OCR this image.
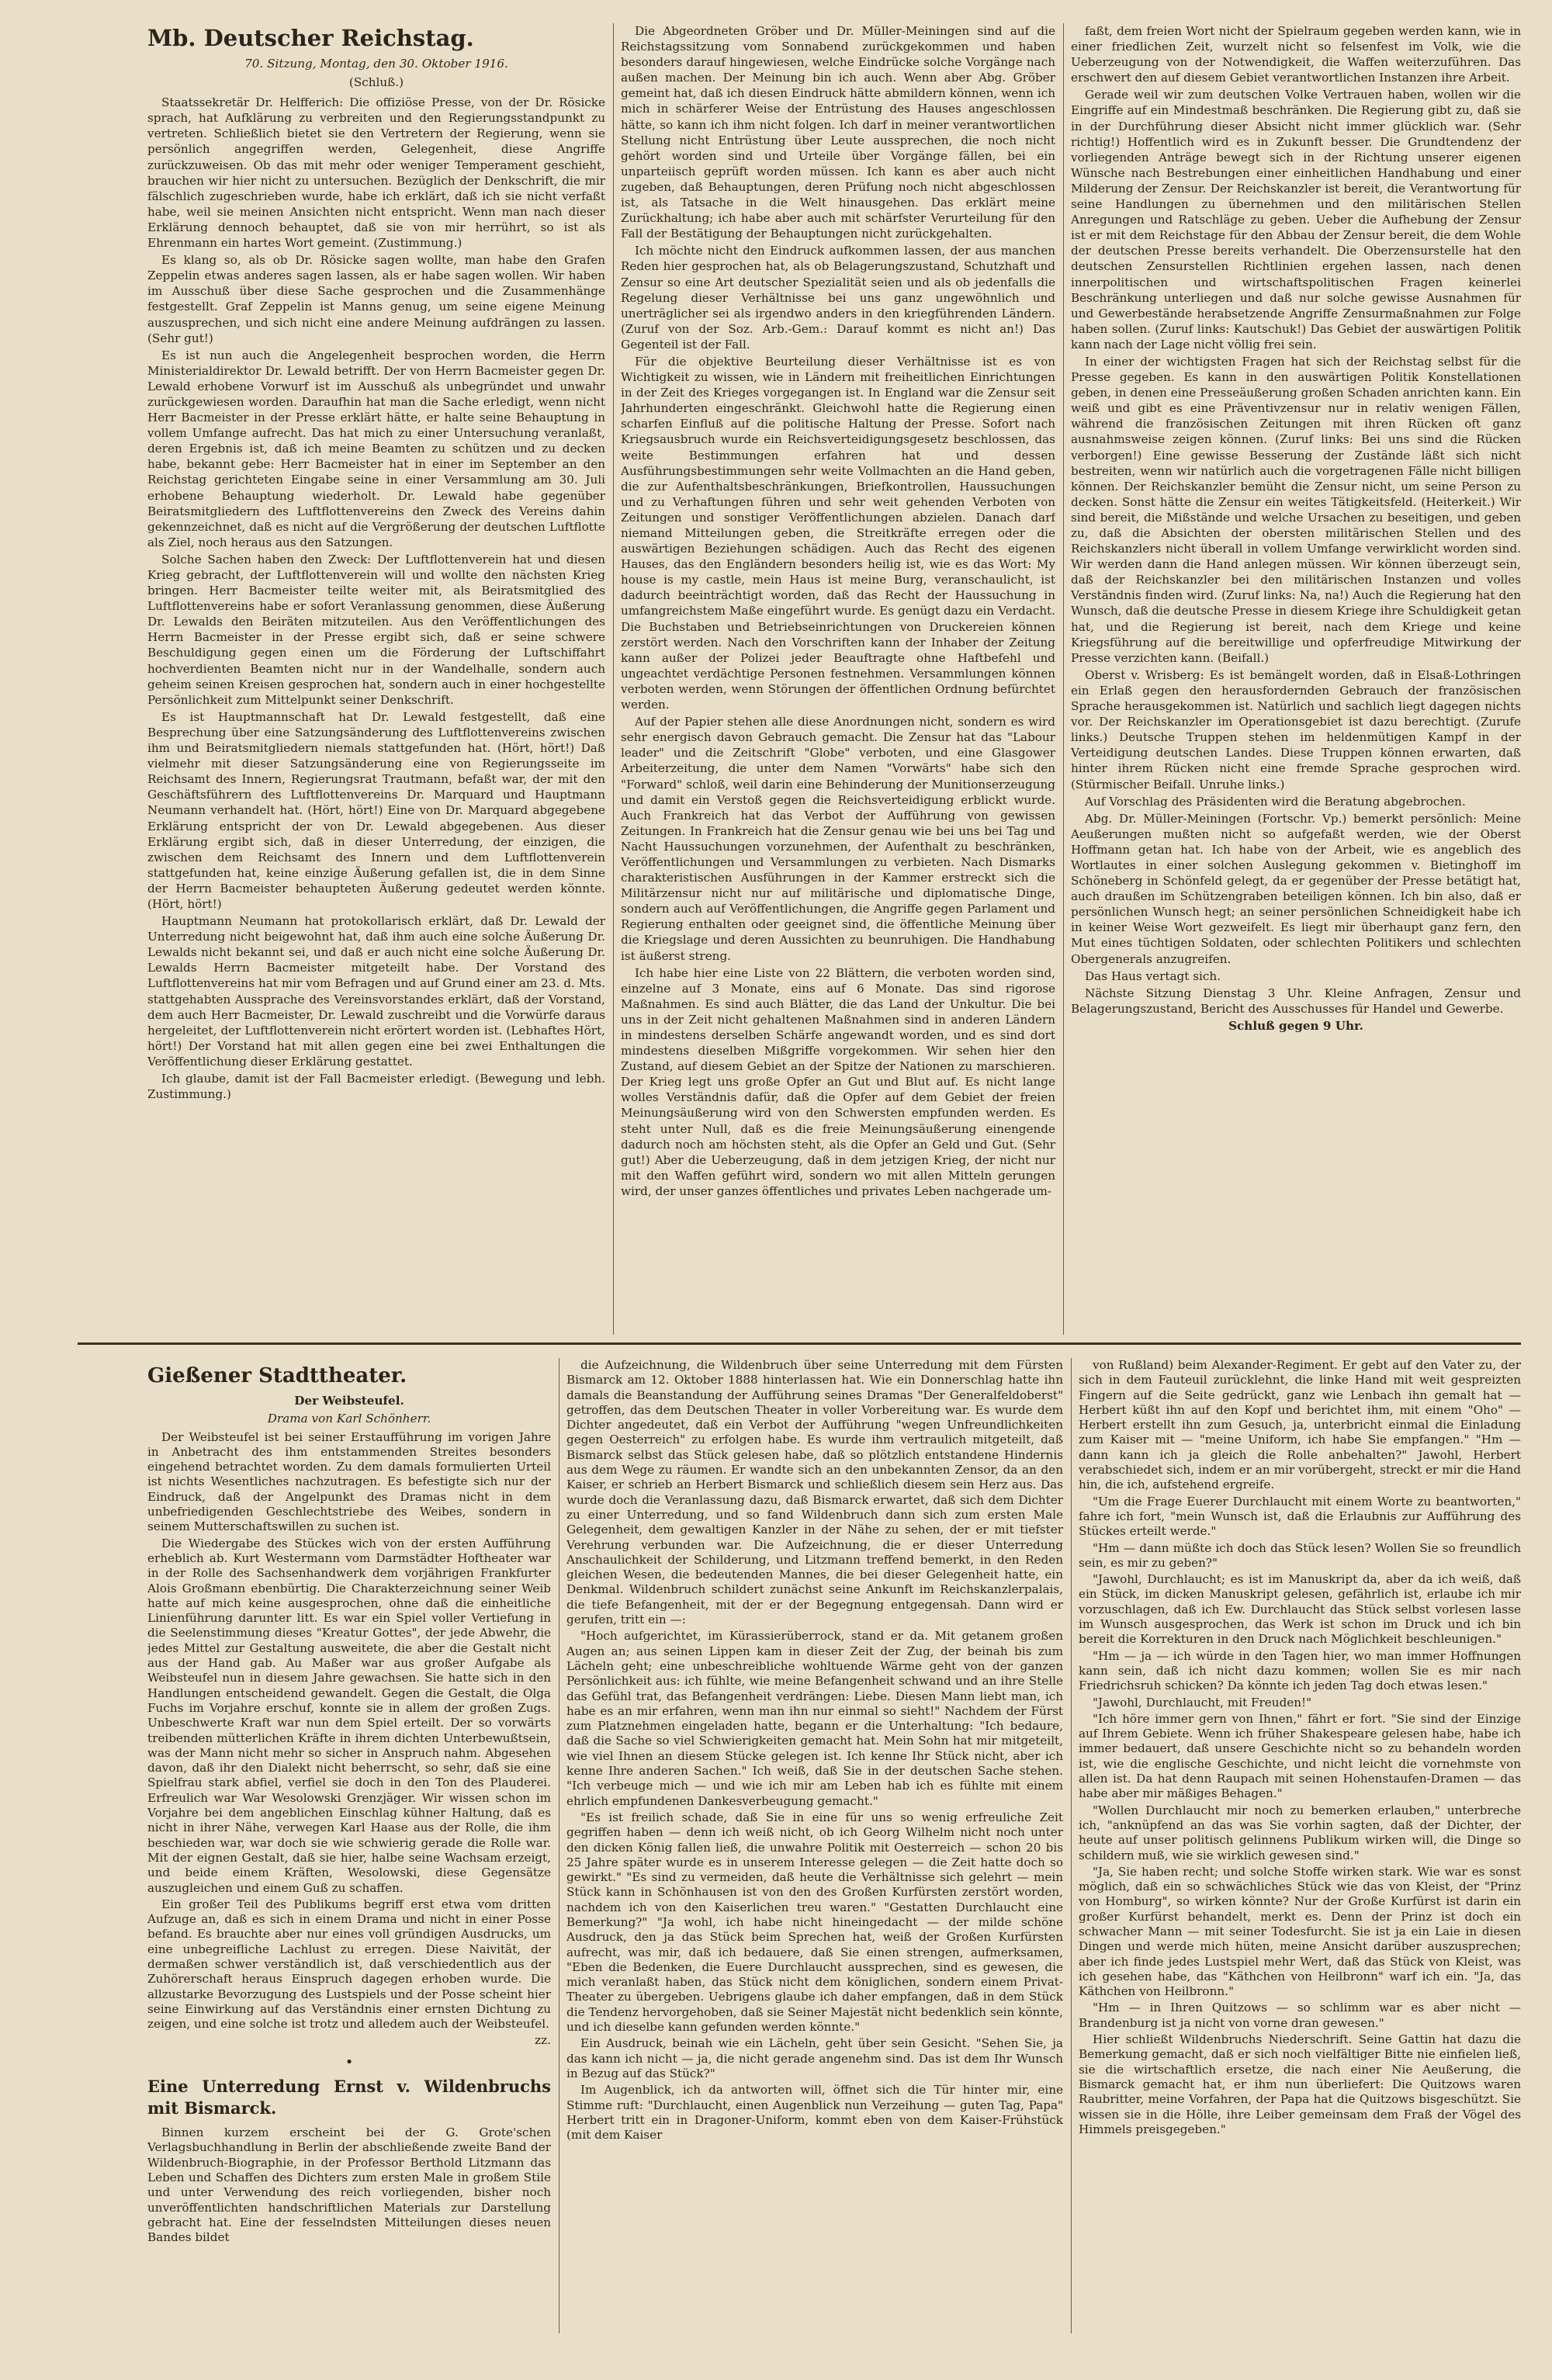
Mb. Deutscher Reichstag.
70. Sitzung, Montag, den 30. Oktober 1916.
(Schluß.)

Staatssekretär Dr. Helfferich: Die offiziöse Presse, von der Dr. Rösicke sprach, hat Aufklärung zu verbreiten und den Regierungsstandpunkt zu vertreten. Schließlich bietet sie den Vertretern der Regierung, wenn sie persönlich angegriffen werden, Gelegenheit, diese Angriffe zurückzuweisen. Ob das mit mehr oder weniger Temperament geschieht, brauchen wir hier nicht zu untersuchen. Bezüglich der Denkschrift, die mir fälschlich zugeschrieben wurde, habe ich erklärt, daß ich sie nicht verfaßt habe, weil sie meinen Ansichten nicht entspricht. Wenn man nach dieser Erklärung dennoch behauptet, daß sie von mir herrührt, so ist als Ehrenmann ein hartes Wort gemeint. (Zustimmung.)

Es klang so, als ob Dr. Rösicke sagen wollte, man habe den Grafen Zeppelin etwas anderes sagen lassen, als er habe sagen wollen. Wir haben im Ausschuß über diese Sache gesprochen und die Zusammenhänge festgestellt. Graf Zeppelin ist Manns genug, um seine eigene Meinung auszusprechen, und sich nicht eine andere Meinung aufdrängen zu lassen. (Sehr gut!)

Es ist nun auch die Angelegenheit besprochen worden, die Herrn Ministerialdirektor Dr. Lewald betrifft. Der von Herrn Bacmeister gegen Dr. Lewald erhobene Vorwurf ist im Ausschuß als unbegründet und unwahr zurückgewiesen worden. Daraufhin hat man die Sache erledigt, wenn nicht Herr Bacmeister in der Presse erklärt hätte, er halte seine Behauptung in vollem Umfange aufrecht. Das hat mich zu einer Untersuchung veranlaßt, deren Ergebnis ist, daß ich meine Beamten zu schützen und zu decken habe, bekannt gebe: Herr Bacmeister hat in einer im September an den Reichstag gerichteten Eingabe seine in einer Versammlung am 30. Juli erhobene Behauptung wiederholt. Dr. Lewald habe gegenüber Beiratsmitgliedern des Luftflottenvereins den Zweck des Vereins dahin gekennzeichnet, daß es nicht auf die Vergrößerung der deutschen Luftflotte als Ziel, noch heraus aus den Satzungen.

Solche Sachen haben den Zweck: Der Luftflottenverein hat und diesen Krieg gebracht, der Luftflottenverein will und wollte den nächsten Krieg bringen. Herr Bacmeister teilte weiter mit, als Beiratsmitglied des Luftflottenvereins habe er sofort Veranlassung genommen, diese Äußerung Dr. Lewalds den Beiräten mitzuteilen. Aus den Veröffentlichungen des Herrn Bacmeister in der Presse ergibt sich, daß er seine schwere Beschuldigung gegen einen um die Förderung der Luftschiffahrt hochverdienten Beamten nicht nur in der Wandelhalle, sondern auch geheim seinen Kreisen gesprochen hat, sondern auch in einer hochgestellte Persönlichkeit zum Mittelpunkt seiner Denkschrift.

Es ist Hauptmannschaft hat Dr. Lewald festgestellt, daß eine Besprechung über eine Satzungsänderung des Luftflottenvereins zwischen ihm und Beiratsmitgliedern niemals stattgefunden hat. (Hört, hört!) Daß vielmehr mit dieser Satzungsänderung eine von Regierungsseite im Reichsamt des Innern, Regierungsrat Trautmann, befaßt war, der mit den Geschäftsführern des Luftflottenvereins Dr. Marquard und Hauptmann Neumann verhandelt hat. (Hört, hört!) Eine von Dr. Marquard abgegebene Erklärung entspricht der von Dr. Lewald abgegebenen. Aus dieser Erklärung ergibt sich, daß in dieser Unterredung, der einzigen, die zwischen dem Reichsamt des Innern und dem Luftflottenverein stattgefunden hat, keine einzige Äußerung gefallen ist, die in dem Sinne der Herrn Bacmeister behaupteten Äußerung gedeutet werden könnte. (Hört, hört!)

Hauptmann Neumann hat protokollarisch erklärt, daß Dr. Lewald der Unterredung nicht beigewohnt hat, daß ihm auch eine solche Äußerung Dr. Lewalds nicht bekannt sei, und daß er auch nicht eine solche Äußerung Dr. Lewalds Herrn Bacmeister mitgeteilt habe. Der Vorstand des Luftflottenvereins hat mir vom Befragen und auf Grund einer am 23. d. Mts. stattgehabten Aussprache des Vereinsvorstandes erklärt, daß der Vorstand, dem auch Herr Bacmeister, Dr. Lewald zuschreibt und die Vorwürfe daraus hergeleitet, der Luftflottenverein nicht erörtert worden ist. (Lebhaftes Hört, hört!) Der Vorstand hat mit allen gegen eine bei zwei Enthaltungen die Veröffentlichung dieser Erklärung gestattet.

Ich glaube, damit ist der Fall Bacmeister erledigt. (Bewegung und lebh. Zustimmung.)

Die Abgeordneten Gröber und Dr. Müller-Meiningen sind auf die Reichstagssitzung vom Sonnabend zurückgekommen und haben besonders darauf hingewiesen, welche Eindrücke solche Vorgänge nach außen machen. Der Meinung bin ich auch. Wenn aber Abg. Gröber gemeint hat, daß ich diesen Eindruck hätte abmildern können, wenn ich mich in schärferer Weise der Entrüstung des Hauses angeschlossen hätte, so kann ich ihm nicht folgen. Ich darf in meiner verantwortlichen Stellung nicht Entrüstung über Leute aussprechen, die noch nicht gehört worden sind und Urteile über Vorgänge fällen, bei ein unparteiisch geprüft worden müssen. Ich kann es aber auch nicht zugeben, daß Behauptungen, deren Prüfung noch nicht abgeschlossen ist, als Tatsache in die Welt hinausgehen. Das erklärt meine Zurückhaltung; ich habe aber auch mit schärfster Verurteilung für den Fall der Bestätigung der Behauptungen nicht zurückgehalten.

Ich möchte nicht den Eindruck aufkommen lassen, der aus manchen Reden hier gesprochen hat, als ob Belagerungszustand, Schutzhaft und Zensur so eine Art deutscher Spezialität seien und als ob jedenfalls die Regelung dieser Verhältnisse bei uns ganz ungewöhnlich und unerträglicher sei als irgendwo anders in den kriegführenden Ländern. (Zuruf von der Soz. Arb.-Gem.: Darauf kommt es nicht an!) Das Gegenteil ist der Fall.

Für die objektive Beurteilung dieser Verhältnisse ist es von Wichtigkeit zu wissen, wie in Ländern mit freiheitlichen Einrichtungen in der Zeit des Krieges vorgegangen ist. In England war die Zensur seit Jahrhunderten eingeschränkt. Gleichwohl hatte die Regierung einen scharfen Einfluß auf die politische Haltung der Presse. Sofort nach Kriegsausbruch wurde ein Reichsverteidigungsgesetz beschlossen, das weite Bestimmungen erfahren hat und dessen Ausführungsbestimmungen sehr weite Vollmachten an die Hand geben, die zur Aufenthaltsbeschränkungen, Briefkontrollen, Haussuchungen und zu Verhaftungen führen und sehr weit gehenden Verboten von Zeitungen und sonstiger Veröffentlichungen abzielen. Danach darf niemand Mitteilungen geben, die Streitkräfte erregen oder die auswärtigen Beziehungen schädigen. Auch das Recht des eigenen Hauses, das den Engländern besonders heilig ist, wie es das Wort: My house is my castle, mein Haus ist meine Burg, veranschaulicht, ist dadurch beeinträchtigt worden, daß das Recht der Haussuchung in umfangreichstem Maße eingeführt wurde. Es genügt dazu ein Verdacht. Die Buchstaben und Betriebseinrichtungen von Druckereien können zerstört werden. Nach den Vorschriften kann der Inhaber der Zeitung kann außer der Polizei jeder Beauftragte ohne Haftbefehl und ungeachtet verdächtige Personen festnehmen. Versammlungen können verboten werden, wenn Störungen der öffentlichen Ordnung befürchtet werden.

Auf der Papier stehen alle diese Anordnungen nicht, sondern es wird sehr energisch davon Gebrauch gemacht. Die Zensur hat das "Labour leader" und die Zeitschrift "Globe" verboten, und eine Glasgower Arbeiterzeitung, die unter dem Namen "Vorwärts" habe sich den "Forward" schloß, weil darin eine Behinderung der Munitionserzeugung und damit ein Verstoß gegen die Reichsverteidigung erblickt wurde. Auch Frankreich hat das Verbot der Aufführung von gewissen Zeitungen. In Frankreich hat die Zensur genau wie bei uns bei Tag und Nacht Haussuchungen vorzunehmen, der Aufenthalt zu beschränken, Veröffentlichungen und Versammlungen zu verbieten. Nach Dismarks charakteristischen Ausführungen in der Kammer erstreckt sich die Militärzensur nicht nur auf militärische und diplomatische Dinge, sondern auch auf Veröffentlichungen, die Angriffe gegen Parlament und Regierung enthalten oder geeignet sind, die öffentliche Meinung über die Kriegslage und deren Aussichten zu beunruhigen. Die Handhabung ist äußerst streng.

Ich habe hier eine Liste von 22 Blättern, die verboten worden sind, einzelne auf 3 Monate, eins auf 6 Monate. Das sind rigorose Maßnahmen. Es sind auch Blätter, die das Land der Unkultur. Die bei uns in der Zeit nicht gehaltenen Maßnahmen sind in anderen Ländern in mindestens derselben Schärfe angewandt worden, und es sind dort mindestens dieselben Mißgriffe vorgekommen. Wir sehen hier den Zustand, auf diesem Gebiet an der Spitze der Nationen zu marschieren. Der Krieg legt uns große Opfer an Gut und Blut auf. Es nicht lange wolles Verständnis dafür, daß die Opfer auf dem Gebiet der freien Meinungsäußerung wird von den Schwersten empfunden werden. Es steht unter Null, daß es die freie Meinungsäußerung einengende dadurch noch am höchsten steht, als die Opfer an Geld und Gut. (Sehr gut!) Aber die Ueberzeugung, daß in dem jetzigen Krieg, der nicht nur mit den Waffen geführt wird, sondern wo mit allen Mitteln gerungen wird, der unser ganzes öffentliches und privates Leben nachgerade um-

faßt, dem freien Wort nicht der Spielraum gegeben werden kann, wie in einer friedlichen Zeit, wurzelt nicht so felsenfest im Volk, wie die Ueberzeugung von der Notwendigkeit, die Waffen weiterzuführen. Das erschwert den auf diesem Gebiet verantwortlichen Instanzen ihre Arbeit.

Gerade weil wir zum deutschen Volke Vertrauen haben, wollen wir die Eingriffe auf ein Mindestmaß beschränken. Die Regierung gibt zu, daß sie in der Durchführung dieser Absicht nicht immer glücklich war. (Sehr richtig!) Hoffentlich wird es in Zukunft besser. Die Grundtendenz der vorliegenden Anträge bewegt sich in der Richtung unserer eigenen Wünsche nach Bestrebungen einer einheitlichen Handhabung und einer Milderung der Zensur. Der Reichskanzler ist bereit, die Verantwortung für seine Handlungen zu übernehmen und den militärischen Stellen Anregungen und Ratschläge zu geben. Ueber die Aufhebung der Zensur ist er mit dem Reichstage für den Abbau der Zensur bereit, die dem Wohle der deutschen Presse bereits verhandelt. Die Oberzensurstelle hat den deutschen Zensurstellen Richtlinien ergehen lassen, nach denen innerpolitischen und wirtschaftspolitischen Fragen keinerlei Beschränkung unterliegen und daß nur solche gewisse Ausnahmen für und Gewerbestände herabsetzende Angriffe Zensurmaßnahmen zur Folge haben sollen. (Zuruf links: Kautschuk!) Das Gebiet der auswärtigen Politik kann nach der Lage nicht völlig frei sein.

In einer der wichtigsten Fragen hat sich der Reichstag selbst für die Presse gegeben. Es kann in den auswärtigen Politik Konstellationen geben, in denen eine Presseäußerung großen Schaden anrichten kann. Ein weiß und gibt es eine Präventivzensur nur in relativ wenigen Fällen, während die französischen Zeitungen mit ihren Rücken oft ganz ausnahmsweise zeigen können. (Zuruf links: Bei uns sind die Rücken verborgen!) Eine gewisse Besserung der Zustände läßt sich nicht bestreiten, wenn wir natürlich auch die vorgetragenen Fälle nicht billigen können. Der Reichskanzler bemüht die Zensur nicht, um seine Person zu decken. Sonst hätte die Zensur ein weites Tätigkeitsfeld. (Heiterkeit.) Wir sind bereit, die Mißstände und welche Ursachen zu beseitigen, und geben zu, daß die Absichten der obersten militärischen Stellen und des Reichskanzlers nicht überall in vollem Umfange verwirklicht worden sind. Wir werden dann die Hand anlegen müssen. Wir können überzeugt sein, daß der Reichskanzler bei den militärischen Instanzen und volles Verständnis finden wird. (Zuruf links: Na, na!) Auch die Regierung hat den Wunsch, daß die deutsche Presse in diesem Kriege ihre Schuldigkeit getan hat, und die Regierung ist bereit, nach dem Kriege und keine Kriegsführung auf die bereitwillige und opferfreudige Mitwirkung der Presse verzichten kann. (Beifall.)

Oberst v. Wrisberg: Es ist bemängelt worden, daß in Elsaß-Lothringen ein Erlaß gegen den herausfordernden Gebrauch der französischen Sprache herausgekommen ist. Natürlich und sachlich liegt dagegen nichts vor. Der Reichskanzler im Operationsgebiet ist dazu berechtigt. (Zurufe links.) Deutsche Truppen stehen im heldenmütigen Kampf in der Verteidigung deutschen Landes. Diese Truppen können erwarten, daß hinter ihrem Rücken nicht eine fremde Sprache gesprochen wird. (Stürmischer Beifall. Unruhe links.)

Auf Vorschlag des Präsidenten wird die Beratung abgebrochen.

Abg. Dr. Müller-Meiningen (Fortschr. Vp.) bemerkt persönlich: Meine Aeußerungen mußten nicht so aufgefaßt werden, wie der Oberst Hoffmann getan hat. Ich habe von der Arbeit, wie es angeblich des Wortlautes in einer solchen Auslegung gekommen v. Bietinghoff im Schöneberg in Schönfeld gelegt, da er gegenüber der Presse betätigt hat, auch draußen im Schützengraben beteiligen können. Ich bin also, daß er persönlichen Wunsch hegt; an seiner persönlichen Schneidigkeit habe ich in keiner Weise Wort gezweifelt. Es liegt mir überhaupt ganz fern, den Mut eines tüchtigen Soldaten, oder schlechten Politikers und schlechten Obergenerals anzugreifen.

Das Haus vertagt sich.

Nächste Sitzung Dienstag 3 Uhr. Kleine Anfragen, Zensur und Belagerungszustand, Bericht des Ausschusses für Handel und Gewerbe.

Schluß gegen 9 Uhr.

Gießener Stadttheater.
Der Weibsteufel.
Drama von Karl Schönherr.

Der Weibsteufel ist bei seiner Erstaufführung im vorigen Jahre in Anbetracht des ihm entstammenden Streites besonders eingehend betrachtet worden. Zu dem damals formulierten Urteil ist nichts Wesentliches nachzutragen. Es befestigte sich nur der Eindruck, daß der Angelpunkt des Dramas nicht in dem unbefriedigenden Geschlechtstriebe des Weibes, sondern in seinem Mutterschaftswillen zu suchen ist.

Die Wiedergabe des Stückes wich von der ersten Aufführung erheblich ab. Kurt Westermann vom Darmstädter Hoftheater war in der Rolle des Sachsenhandwerk dem vorjährigen Frankfurter Alois Großmann ebenbürtig. Die Charakterzeichnung seiner Weib hatte auf mich keine ausgesprochen, ohne daß die einheitliche Linienführung darunter litt. Es war ein Spiel voller Vertiefung in die Seelenstimmung dieses "Kreatur Gottes", der jede Abwehr, die jedes Mittel zur Gestaltung ausweitete, die aber die Gestalt nicht aus der Hand gab. Au Maßer war aus großer Aufgabe als Weibsteufel nun in diesem Jahre gewachsen. Sie hatte sich in den Handlungen entscheidend gewandelt. Gegen die Gestalt, die Olga Fuchs im Vorjahre erschuf, konnte sie in allem der großen Zugs. Unbeschwerte Kraft war nun dem Spiel erteilt. Der so vorwärts treibenden mütterlichen Kräfte in ihrem dichten Unterbewußtsein, was der Mann nicht mehr so sicher in Anspruch nahm. Abgesehen davon, daß ihr den Dialekt nicht beherrscht, so sehr, daß sie eine Spielfrau stark abfiel, verfiel sie doch in den Ton des Plauderei. Erfreulich war War Wesolowski Grenzjäger. Wir wissen schon im Vorjahre bei dem angeblichen Einschlag kühner Haltung, daß es nicht in ihrer Nähe, verwegen Karl Haase aus der Rolle, die ihm beschieden war, war doch sie wie schwierig gerade die Rolle war. Mit der eignen Gestalt, daß sie hier, halbe seine Wachsam erzeigt, und beide einem Kräften, Wesolowski, diese Gegensätze auszugleichen und einem Guß zu schaffen.

Ein großer Teil des Publikums begriff erst etwa vom dritten Aufzuge an, daß es sich in einem Drama und nicht in einer Posse befand. Es brauchte aber nur eines voll gründigen Ausdrucks, um eine unbegreifliche Lachlust zu erregen. Diese Naivität, der dermaßen schwer verständlich ist, daß verschiedentlich aus der Zuhörerschaft heraus Einspruch dagegen erhoben wurde. Die allzustarke Bevorzugung des Lustspiels und der Posse scheint hier seine Einwirkung auf das Verständnis einer ernsten Dichtung zu zeigen, und eine solche ist trotz und alledem auch der Weibsteufel.

zz.
•
Eine Unterredung Ernst v. Wildenbruchs mit Bismarck.

Binnen kurzem erscheint bei der G. Grote'schen Verlagsbuchhandlung in Berlin der abschließende zweite Band der Wildenbruch-Biographie, in der Professor Berthold Litzmann das Leben und Schaffen des Dichters zum ersten Male in großem Stile und unter Verwendung des reich vorliegenden, bisher noch unveröffentlichten handschriftlichen Materials zur Darstellung gebracht hat. Eine der fesselndsten Mitteilungen dieses neuen Bandes bildet

die Aufzeichnung, die Wildenbruch über seine Unterredung mit dem Fürsten Bismarck am 12. Oktober 1888 hinterlassen hat. Wie ein Donnerschlag hatte ihn damals die Beanstandung der Aufführung seines Dramas "Der Generalfeldoberst" getroffen, das dem Deutschen Theater in voller Vorbereitung war. Es wurde dem Dichter angedeutet, daß ein Verbot der Aufführung "wegen Unfreundlichkeiten gegen Oesterreich" zu erfolgen habe. Es wurde ihm vertraulich mitgeteilt, daß Bismarck selbst das Stück gelesen habe, daß so plötzlich entstandene Hindernis aus dem Wege zu räumen. Er wandte sich an den unbekannten Zensor, da an den Kaiser, er schrieb an Herbert Bismarck und schließlich diesem sein Herz aus. Das wurde doch die Veranlassung dazu, daß Bismarck erwartet, daß sich dem Dichter zu einer Unterredung, und so fand Wildenbruch dann sich zum ersten Male Gelegenheit, dem gewaltigen Kanzler in der Nähe zu sehen, der er mit tiefster Verehrung verbunden war. Die Aufzeichnung, die er dieser Unterredung Anschaulichkeit der Schilderung, und Litzmann treffend bemerkt, in den Reden gleichen Wesen, die bedeutenden Mannes, die bei dieser Gelegenheit hatte, ein Denkmal. Wildenbruch schildert zunächst seine Ankunft im Reichskanzlerpalais, die tiefe Befangenheit, mit der er der Begegnung entgegensah. Dann wird er gerufen, tritt ein —:

"Hoch aufgerichtet, im Kürassierüberrock, stand er da. Mit getanem großen Augen an; aus seinen Lippen kam in dieser Zeit der Zug, der beinah bis zum Lächeln geht; eine unbeschreibliche wohltuende Wärme geht von der ganzen Persönlichkeit aus: ich fühlte, wie meine Befangenheit schwand und an ihre Stelle das Gefühl trat, das Befangenheit verdrängen: Liebe. Diesen Mann liebt man, ich habe es an mir erfahren, wenn man ihn nur einmal so sieht!" Nachdem der Fürst zum Platznehmen eingeladen hatte, begann er die Unterhaltung: "Ich bedaure, daß die Sache so viel Schwierigkeiten gemacht hat. Mein Sohn hat mir mitgeteilt, wie viel Ihnen an diesem Stücke gelegen ist. Ich kenne Ihr Stück nicht, aber ich kenne Ihre anderen Sachen." Ich weiß, daß Sie in der deutschen Sache stehen. "Ich verbeuge mich — und wie ich mir am Leben hab ich es fühlte mit einem ehrlich empfundenen Dankesverbeugung gemacht."

"Es ist freilich schade, daß Sie in eine für uns so wenig erfreuliche Zeit gegriffen haben — denn ich weiß nicht, ob ich Georg Wilhelm nicht noch unter den dicken König fallen ließ, die unwahre Politik mit Oesterreich — schon 20 bis 25 Jahre später wurde es in unserem Interesse gelegen — die Zeit hatte doch so gewirkt." "Es sind zu vermeiden, daß heute die Verhältnisse sich gelehrt — mein Stück kann in Schönhausen ist von den des Großen Kurfürsten zerstört worden, nachdem ich von den Kaiserlichen treu waren." "Gestatten Durchlaucht eine Bemerkung?" "Ja wohl, ich habe nicht hineingedacht — der milde schöne Ausdruck, den ja das Stück beim Sprechen hat, weiß der Großen Kurfürsten aufrecht, was mir, daß ich bedauere, daß Sie einen strengen, aufmerksamen, "Eben die Bedenken, die Euere Durchlaucht aussprechen, sind es gewesen, die mich veranlaßt haben, das Stück nicht dem königlichen, sondern einem Privat-Theater zu übergeben. Uebrigens glaube ich daher empfangen, daß in dem Stück die Tendenz hervorgehoben, daß sie Seiner Majestät nicht bedenklich sein könnte, und ich dieselbe kann gefunden werden könnte."

Ein Ausdruck, beinah wie ein Lächeln, geht über sein Gesicht. "Sehen Sie, ja das kann ich nicht — ja, die nicht gerade angenehm sind. Das ist dem Ihr Wunsch in Bezug auf das Stück?"

Im Augenblick, ich da antworten will, öffnet sich die Tür hinter mir, eine Stimme ruft: "Durchlaucht, einen Augenblick nun Verzeihung — guten Tag, Papa" Herbert tritt ein in Dragoner-Uniform, kommt eben von dem Kaiser-Frühstück (mit dem Kaiser

von Rußland) beim Alexander-Regiment. Er gebt auf den Vater zu, der sich in dem Fauteuil zurücklehnt, die linke Hand mit weit gespreizten Fingern auf die Seite gedrückt, ganz wie Lenbach ihn gemalt hat — Herbert küßt ihn auf den Kopf und berichtet ihm, mit einem "Oho" — Herbert erstellt ihn zum Gesuch, ja, unterbricht einmal die Einladung zum Kaiser mit — "meine Uniform, ich habe Sie empfangen." "Hm — dann kann ich ja gleich die Rolle anbehalten?" Jawohl, Herbert verabschiedet sich, indem er an mir vorübergeht, streckt er mir die Hand hin, die ich, aufstehend ergreife.

"Um die Frage Euerer Durchlaucht mit einem Worte zu beantworten," fahre ich fort, "mein Wunsch ist, daß die Erlaubnis zur Aufführung des Stückes erteilt werde."

"Hm — dann müßte ich doch das Stück lesen? Wollen Sie so freundlich sein, es mir zu geben?"

"Jawohl, Durchlaucht; es ist im Manuskript da, aber da ich weiß, daß ein Stück, im dicken Manuskript gelesen, gefährlich ist, erlaube ich mir vorzuschlagen, daß ich Ew. Durchlaucht das Stück selbst vorlesen lasse im Wunsch ausgesprochen, das Werk ist schon im Druck und ich bin bereit die Korrekturen in den Druck nach Möglichkeit beschleunigen."

"Hm — ja — ich würde in den Tagen hier, wo man immer Hoffnungen kann sein, daß ich nicht dazu kommen; wollen Sie es mir nach Friedrichsruh schicken? Da könnte ich jeden Tag doch etwas lesen."

"Jawohl, Durchlaucht, mit Freuden!"

"Ich höre immer gern von Ihnen," fährt er fort. "Sie sind der Einzige auf Ihrem Gebiete. Wenn ich früher Shakespeare gelesen habe, habe ich immer bedauert, daß unsere Geschichte nicht so zu behandeln worden ist, wie die englische Geschichte, und nicht leicht die vornehmste von allen ist. Da hat denn Raupach mit seinen Hohenstaufen-Dramen — das habe aber mir mäßiges Behagen."

"Wollen Durchlaucht mir noch zu bemerken erlauben," unterbreche ich, "anknüpfend an das was Sie vorhin sagten, daß der Dichter, der heute auf unser politisch gelinnens Publikum wirken will, die Dinge so schildern muß, wie sie wirklich gewesen sind."

"Ja, Sie haben recht; und solche Stoffe wirken stark. Wie war es sonst möglich, daß ein so schwächliches Stück wie das von Kleist, der "Prinz von Homburg", so wirken könnte? Nur der Große Kurfürst ist darin ein großer Kurfürst behandelt, merkt es. Denn der Prinz ist doch ein schwacher Mann — mit seiner Todesfurcht. Sie ist ja ein Laie in diesen Dingen und werde mich hüten, meine Ansicht darüber auszusprechen; aber ich finde jedes Lustspiel mehr Wert, daß das Stück von Kleist, was ich gesehen habe, das "Käthchen von Heilbronn" warf ich ein. "Ja, das Käthchen von Heilbronn."

"Hm — in Ihren Quitzows — so schlimm war es aber nicht — Brandenburg ist ja nicht von vorne dran gewesen."

Hier schließt Wildenbruchs Niederschrift. Seine Gattin hat dazu die Bemerkung gemacht, daß er sich noch vielfältiger Bitte nie einfielen ließ, sie die wirtschaftlich ersetze, die nach einer Nie Aeußerung, die Bismarck gemacht hat, er ihm nun überliefert: Die Quitzows waren Raubritter, meine Vorfahren, der Papa hat die Quitzows bisgeschützt. Sie wissen sie in die Hölle, ihre Leiber gemeinsam dem Fraß der Vögel des Himmels preisgegeben."
